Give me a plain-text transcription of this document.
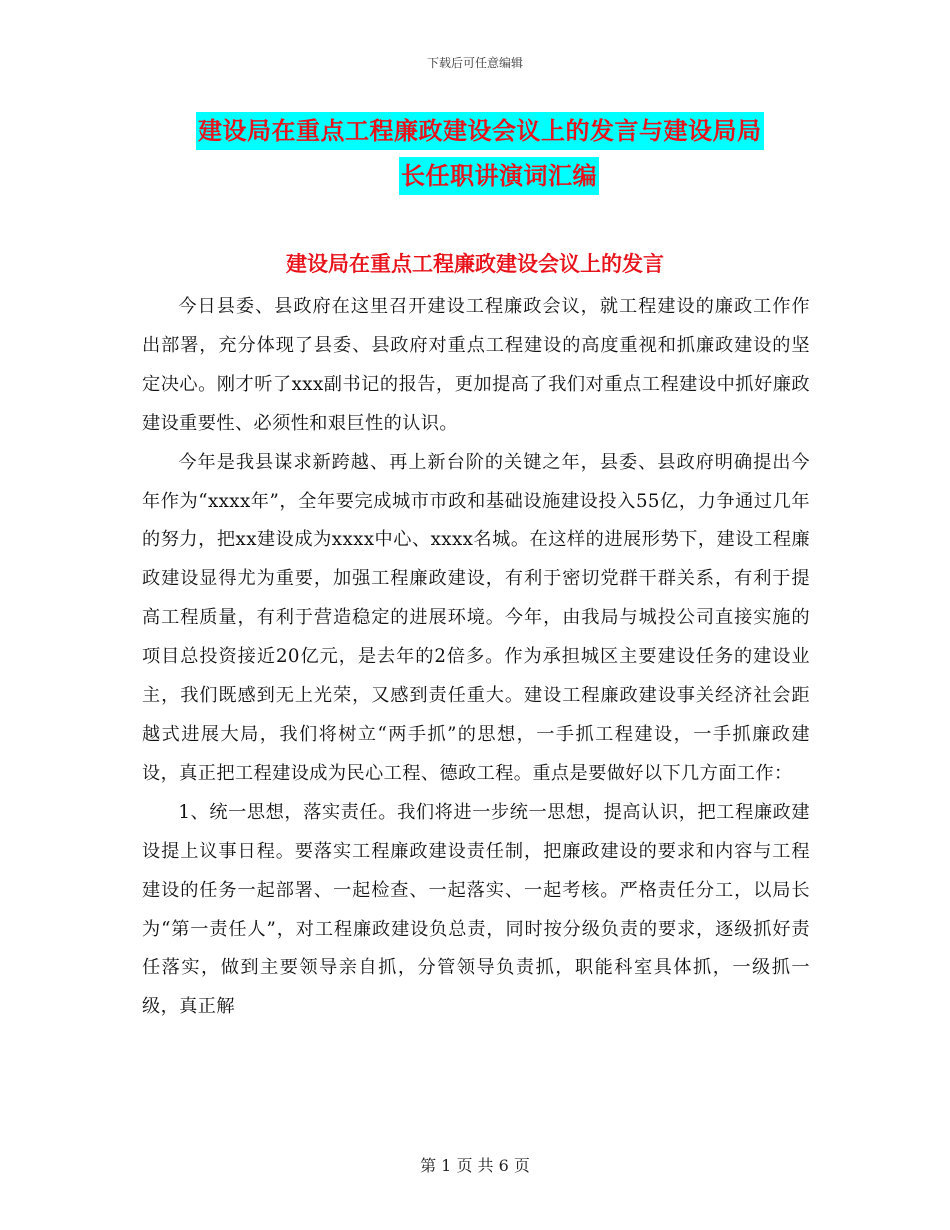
下载后可任意编辑
建设局在重点工程廉政建设会议上的发言与建设局局
长任职讲演词汇编
建设局在重点工程廉政建设会议上的发言

今日县委、县政府在这里召开建设工程廉政会议，就工程建设的廉政工作作出部署，充分体现了县委、县政府对重点工程建设的高度重视和抓廉政建设的坚定决心。刚才听了xxx副书记的报告，更加提高了我们对重点工程建设中抓好廉政建设重要性、必须性和艰巨性的认识。

今年是我县谋求新跨越、再上新台阶的关键之年，县委、县政府明确提出今年作为“xxxx年”，全年要完成城市市政和基础设施建设投入55亿，力争通过几年的努力，把xx建设成为xxxx中心、xxxx名城。在这样的进展形势下，建设工程廉政建设显得尤为重要，加强工程廉政建设，有利于密切党群干群关系，有利于提高工程质量，有利于营造稳定的进展环境。今年，由我局与城投公司直接实施的项目总投资接近20亿元，是去年的2倍多。作为承担城区主要建设任务的建设业主，我们既感到无上光荣，又感到责任重大。建设工程廉政建设事关经济社会距越式进展大局，我们将树立“两手抓”的思想，一手抓工程建设，一手抓廉政建设，真正把工程建设成为民心工程、德政工程。重点是要做好以下几方面工作：

1、统一思想，落实责任。我们将进一步统一思想，提高认识，把工程廉政建设提上议事日程。要落实工程廉政建设责任制，把廉政建设的要求和内容与工程建设的任务一起部署、一起检查、一起落实、一起考核。严格责任分工，以局长为“第一责任人”，对工程廉政建设负总责，同时按分级负责的要求，逐级抓好责任落实，做到主要领导亲自抓，分管领导负责抓，职能科室具体抓，一级抓一级，真正解

第 1 页 共 6 页
